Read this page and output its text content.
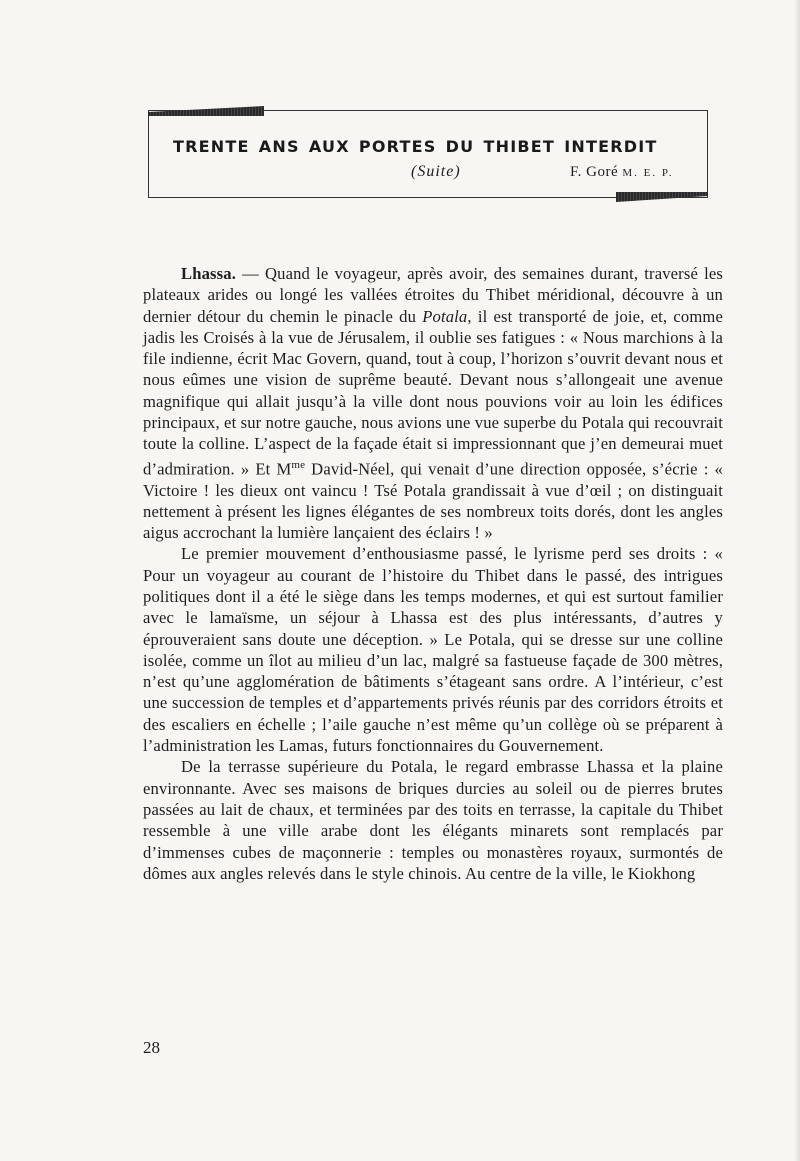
trente ans aux portes du thibet interdit
(Suite)	F. Goré M. E. P.

Lhassa. — Quand le voyageur, après avoir, des semaines durant, traversé les plateaux arides ou longé les vallées étroites du Thibet méridional, découvre à un dernier détour du chemin le pinacle du Potala, il est transporté de joie, et, comme jadis les Croisés à la vue de Jérusalem, il oublie ses fatigues : « Nous marchions à la file indienne, écrit Mac Govern, quand, tout à coup, l’horizon s’ouvrit devant nous et nous eûmes une vision de suprême beauté. Devant nous s’allongeait une avenue magnifique qui allait jusqu’à la ville dont nous pouvions voir au loin les édifices principaux, et sur notre gauche, nous avions une vue superbe du Potala qui recouvrait toute la colline. L’aspect de la façade était si impressionnant que j’en demeurai muet d’admiration. » Et $M^{me}$ David-Néel, qui venait d’une direction opposée, s’écrie : « Victoire ! les dieux ont vaincu ! Tsé Potala grandissait à vue d’œil ; on distinguait nettement à présent les lignes élégantes de ses nombreux toits dorés, dont les angles aigus accrochant la lumière lançaient des éclairs ! »

Le premier mouvement d’enthousiasme passé, le lyrisme perd ses droits : « Pour un voyageur au courant de l’histoire du Thibet dans le passé, des intrigues politiques dont il a été le siège dans les temps modernes, et qui est surtout familier avec le lamaïsme, un séjour à Lhassa est des plus intéressants, d’autres y éprouveraient sans doute une déception. » Le Potala, qui se dresse sur une colline isolée, comme un îlot au milieu d’un lac, malgré sa fastueuse façade de 300 mètres, n’est qu’une agglomération de bâtiments s’étageant sans ordre. A l’intérieur, c’est une succession de temples et d’appartements privés réunis par des corridors étroits et des escaliers en échelle ; l’aile gauche n’est même qu’un collège où se préparent à l’administration les Lamas, futurs fonctionnaires du Gouvernement.

De la terrasse supérieure du Potala, le regard embrasse Lhassa et la plaine environnante. Avec ses maisons de briques durcies au soleil ou de pierres brutes passées au lait de chaux, et terminées par des toits en terrasse, la capitale du Thibet ressemble à une ville arabe dont les élégants minarets sont remplacés par d’immenses cubes de maçonnerie : temples ou monastères royaux, surmontés de dômes aux angles relevés dans le style chinois. Au centre de la ville, le Kiokhong

28
